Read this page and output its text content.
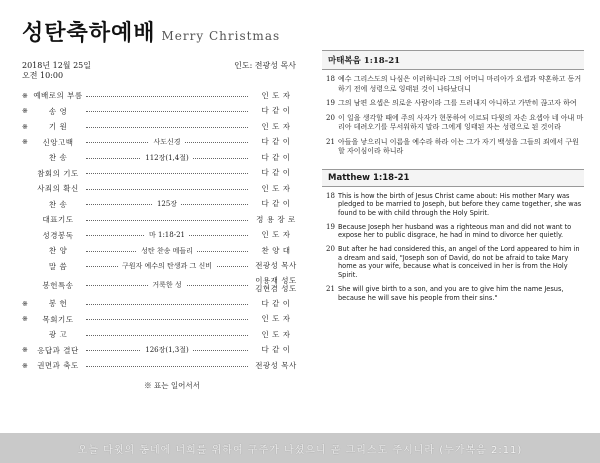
성탄축하예배 Merry Christmas
2018년 12월 25일	인도: 전광성 목사
오전 10:00
※ 예배로의 부름	인 도 자
※	송 영	다 같 이
※	기 원	인 도 자
※	신앙고백	사도신경	다 같 이
찬 송	112장(1,4절)	다 같 이
참회의 기도	다 같 이
사죄의 확신	인 도 자
찬 송	125장	다 같 이
대표기도	정 용 장 로
성경봉독	마 1:18-21	인 도 자
찬 양	성탄 찬송 메들리	찬 양 대
말 씀	구원자 예수의 탄생과 그 신비	전광성 목사
봉헌특송	거룩한 성	이용재 성도
김현겸 성도
※	봉 헌	다 같 이
※	목회기도	인 도 자
광 고	인 도 자
※	응답과 결단	126장(1,3절)	다 같 이
※	권면과 축도	전광성 목사
※ 표는 일어서서
마태복음 1:18-21
18 예수 그리스도의 나심은 이러하니라 그의 어머니 마리아가 요셉과 약혼하고 동거하기 전에 성령으로 잉태된 것이 나타났더니
19 그의 남편 요셉은 의로운 사람이라 그를 드러내지 아니하고 가만히 끊고자 하여
20 이 일을 생각할 때에 주의 사자가 현몽하여 이르되 다윗의 자손 요셉아 네 아내 마리아 데려오기를 무서워하지 말라 그에게 잉태된 자는 성령으로 된 것이라
21 아들을 낳으리니 이름을 예수라 하라 이는 그가 자기 백성을 그들의 죄에서 구원할 자이심이라 하니라
Matthew 1:18-21
18 This is how the birth of Jesus Christ came about: His mother Mary was pledged to be married to Joseph, but before they came together, she was found to be with child through the Holy Spirit.
19 Because Joseph her husband was a righteous man and did not want to expose her to public disgrace, he had in mind to divorce her quietly.
20 But after he had considered this, an angel of the Lord appeared to him in a dream and said, "Joseph son of David, do not be afraid to take Mary home as your wife, because what is conceived in her is from the Holy Spirit.
21 She will give birth to a son, and you are to give him the name Jesus, because he will save his people from their sins."
오늘 다윗의 동네에 너희를 위하여 구주가 나셨으니 곧 그리스도 주시니라 (누가복음 2:11)
